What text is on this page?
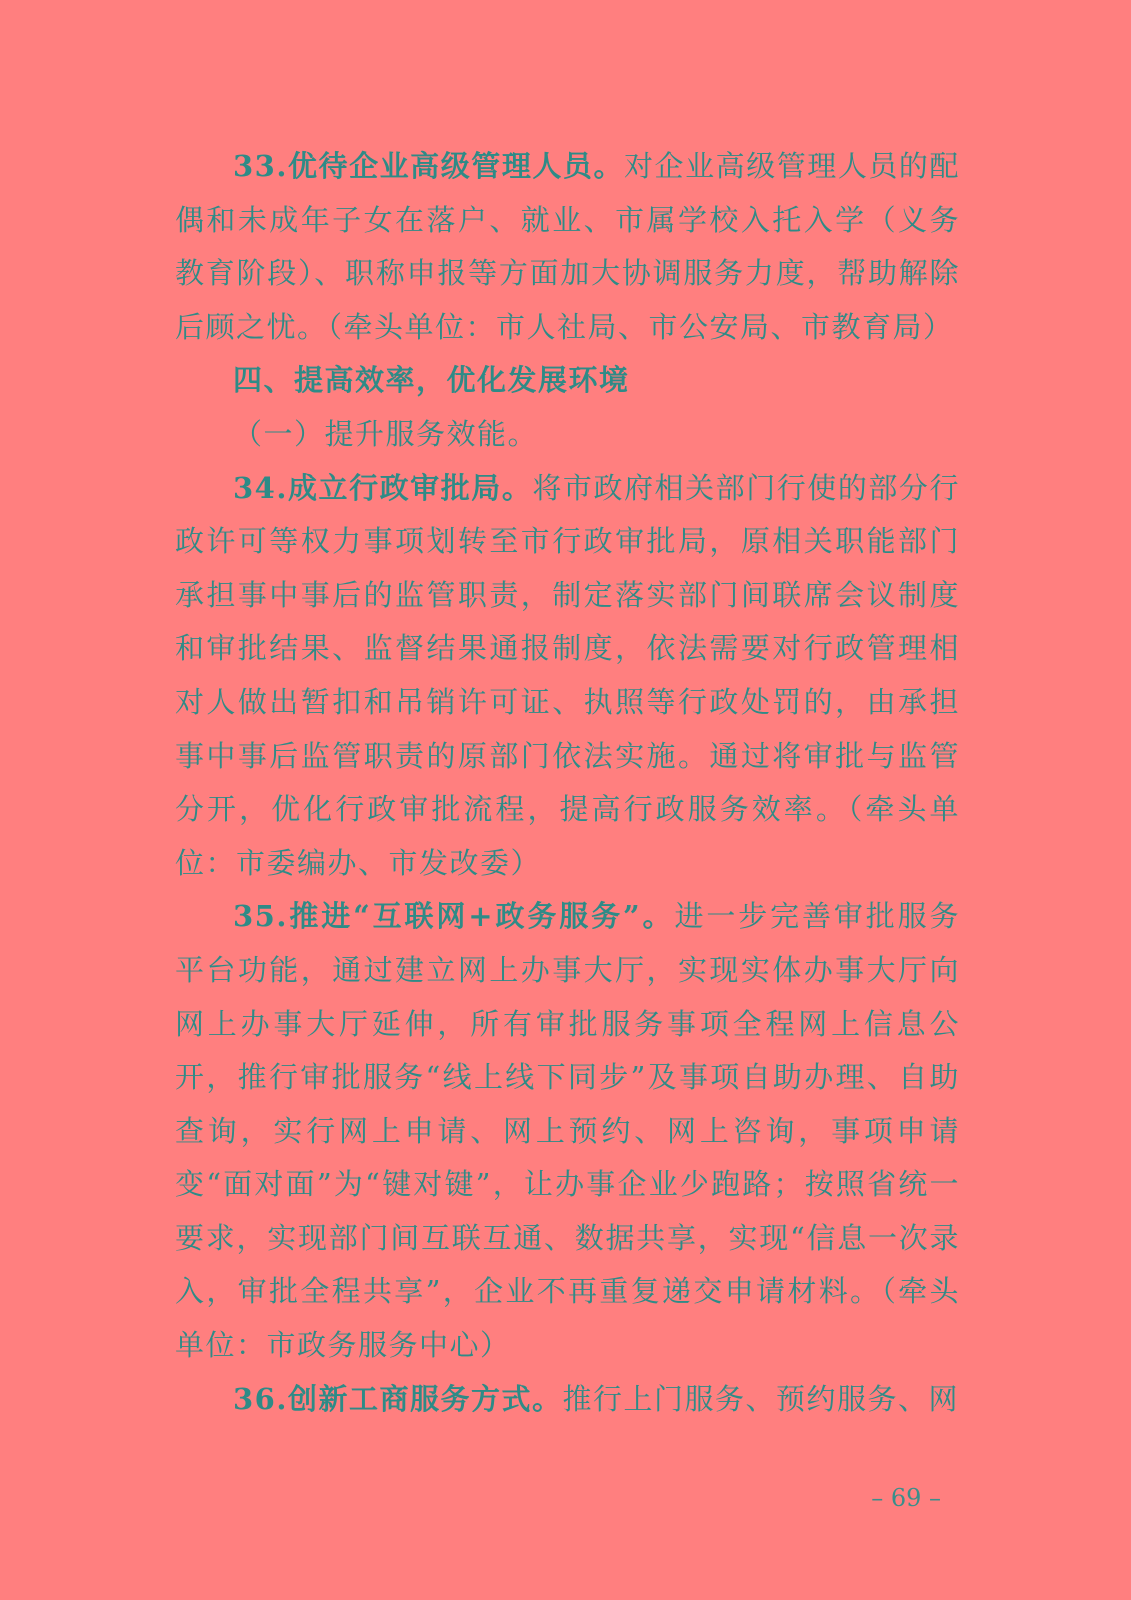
33.优待企业高级管理人员。对企业高级管理人员的配偶和未成年子女在落户、就业、市属学校入托入学（义务教育阶段）、职称申报等方面加大协调服务力度，帮助解除后顾之忧。（牵头单位：市人社局、市公安局、市教育局）

四、提高效率，优化发展环境

（一）提升服务效能。

34.成立行政审批局。将市政府相关部门行使的部分行政许可等权力事项划转至市行政审批局，原相关职能部门承担事中事后的监管职责，制定落实部门间联席会议制度和审批结果、监督结果通报制度，依法需要对行政管理相对人做出暂扣和吊销许可证、执照等行政处罚的，由承担事中事后监管职责的原部门依法实施。通过将审批与监管分开，优化行政审批流程，提高行政服务效率。（牵头单位：市委编办、市发改委）

35.推进“互联网+政务服务”。进一步完善审批服务平台功能，通过建立网上办事大厅，实现实体办事大厅向网上办事大厅延伸，所有审批服务事项全程网上信息公开，推行审批服务“线上线下同步”及事项自助办理、自助查询，实行网上申请、网上预约、网上咨询，事项申请变“面对面”为“键对键”，让办事企业少跑路；按照省统一要求，实现部门间互联互通、数据共享，实现“信息一次录入，审批全程共享”，企业不再重复递交申请材料。（牵头单位：市政务服务中心）

36.创新工商服务方式。推行上门服务、预约服务、网

– 69 –
